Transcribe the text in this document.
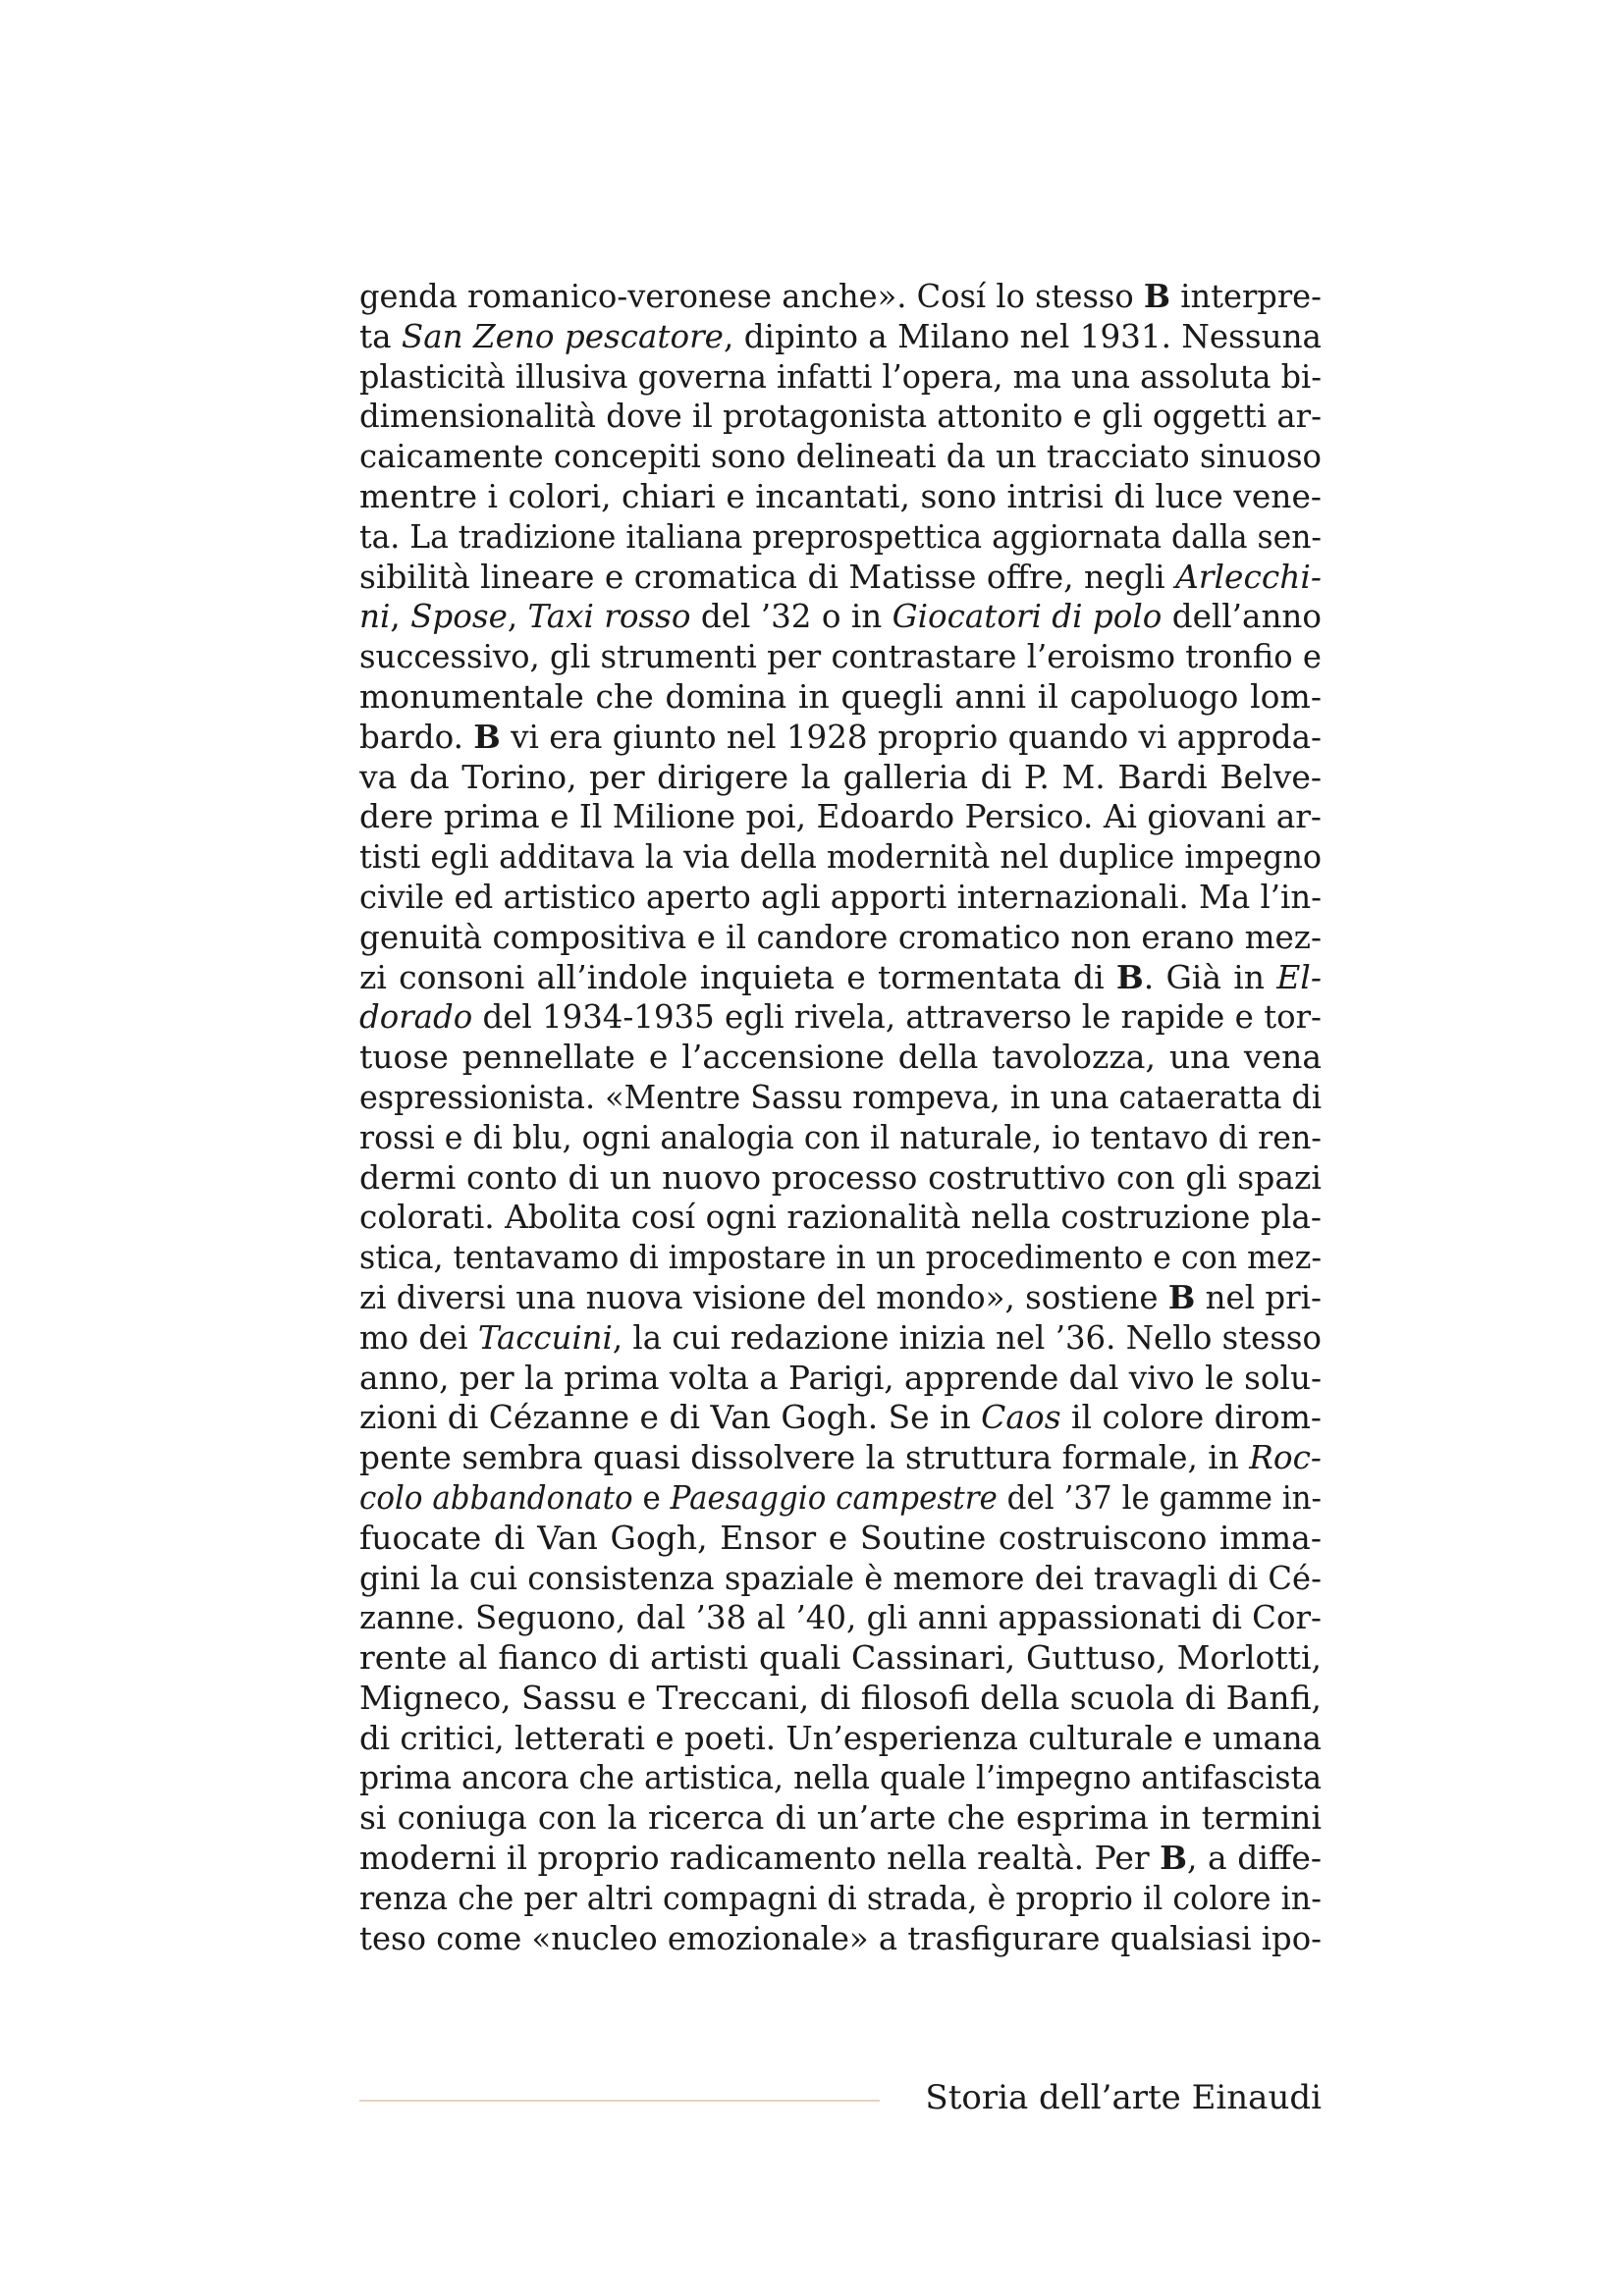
genda romanico-veronese anche». Cosí lo stesso B interpre-
ta San Zeno pescatore, dipinto a Milano nel 1931. Nessuna
plasticità illusiva governa infatti l’opera, ma una assoluta bi-
dimensionalità dove il protagonista attonito e gli oggetti ar-
caicamente concepiti sono delineati da un tracciato sinuoso
mentre i colori, chiari e incantati, sono intrisi di luce vene-
ta. La tradizione italiana preprospettica aggiornata dalla sen-
sibilità lineare e cromatica di Matisse offre, negli Arlecchi-
ni, Spose, Taxi rosso del ’32 o in Giocatori di polo dell’anno
successivo, gli strumenti per contrastare l’eroismo tronfio e
monumentale che domina in quegli anni il capoluogo lom-
bardo. B vi era giunto nel 1928 proprio quando vi approda-
va da Torino, per dirigere la galleria di P. M. Bardi Belve-
dere prima e Il Milione poi, Edoardo Persico. Ai giovani ar-
tisti egli additava la via della modernità nel duplice impegno
civile ed artistico aperto agli apporti internazionali. Ma l’in-
genuità compositiva e il candore cromatico non erano mez-
zi consoni all’indole inquieta e tormentata di B. Già in El-
dorado del 1934-1935 egli rivela, attraverso le rapide e tor-
tuose pennellate e l’accensione della tavolozza, una vena
espressionista. «Mentre Sassu rompeva, in una cataeratta di
rossi e di blu, ogni analogia con il naturale, io tentavo di ren-
dermi conto di un nuovo processo costruttivo con gli spazi
colorati. Abolita cosí ogni razionalità nella costruzione pla-
stica, tentavamo di impostare in un procedimento e con mez-
zi diversi una nuova visione del mondo», sostiene B nel pri-
mo dei Taccuini, la cui redazione inizia nel ’36. Nello stesso
anno, per la prima volta a Parigi, apprende dal vivo le solu-
zioni di Cézanne e di Van Gogh. Se in Caos il colore dirom-
pente sembra quasi dissolvere la struttura formale, in Roc-
colo abbandonato e Paesaggio campestre del ’37 le gamme in-
fuocate di Van Gogh, Ensor e Soutine costruiscono imma-
gini la cui consistenza spaziale è memore dei travagli di Cé-
zanne. Seguono, dal ’38 al ’40, gli anni appassionati di Cor-
rente al fianco di artisti quali Cassinari, Guttuso, Morlotti,
Migneco, Sassu e Treccani, di filosofi della scuola di Banfi,
di critici, letterati e poeti. Un’esperienza culturale e umana
prima ancora che artistica, nella quale l’impegno antifascista
si coniuga con la ricerca di un’arte che esprima in termini
moderni il proprio radicamento nella realtà. Per B, a diffe-
renza che per altri compagni di strada, è proprio il colore in-
teso come «nucleo emozionale» a trasfigurare qualsiasi ipo-
Storia dell’arte Einaudi
